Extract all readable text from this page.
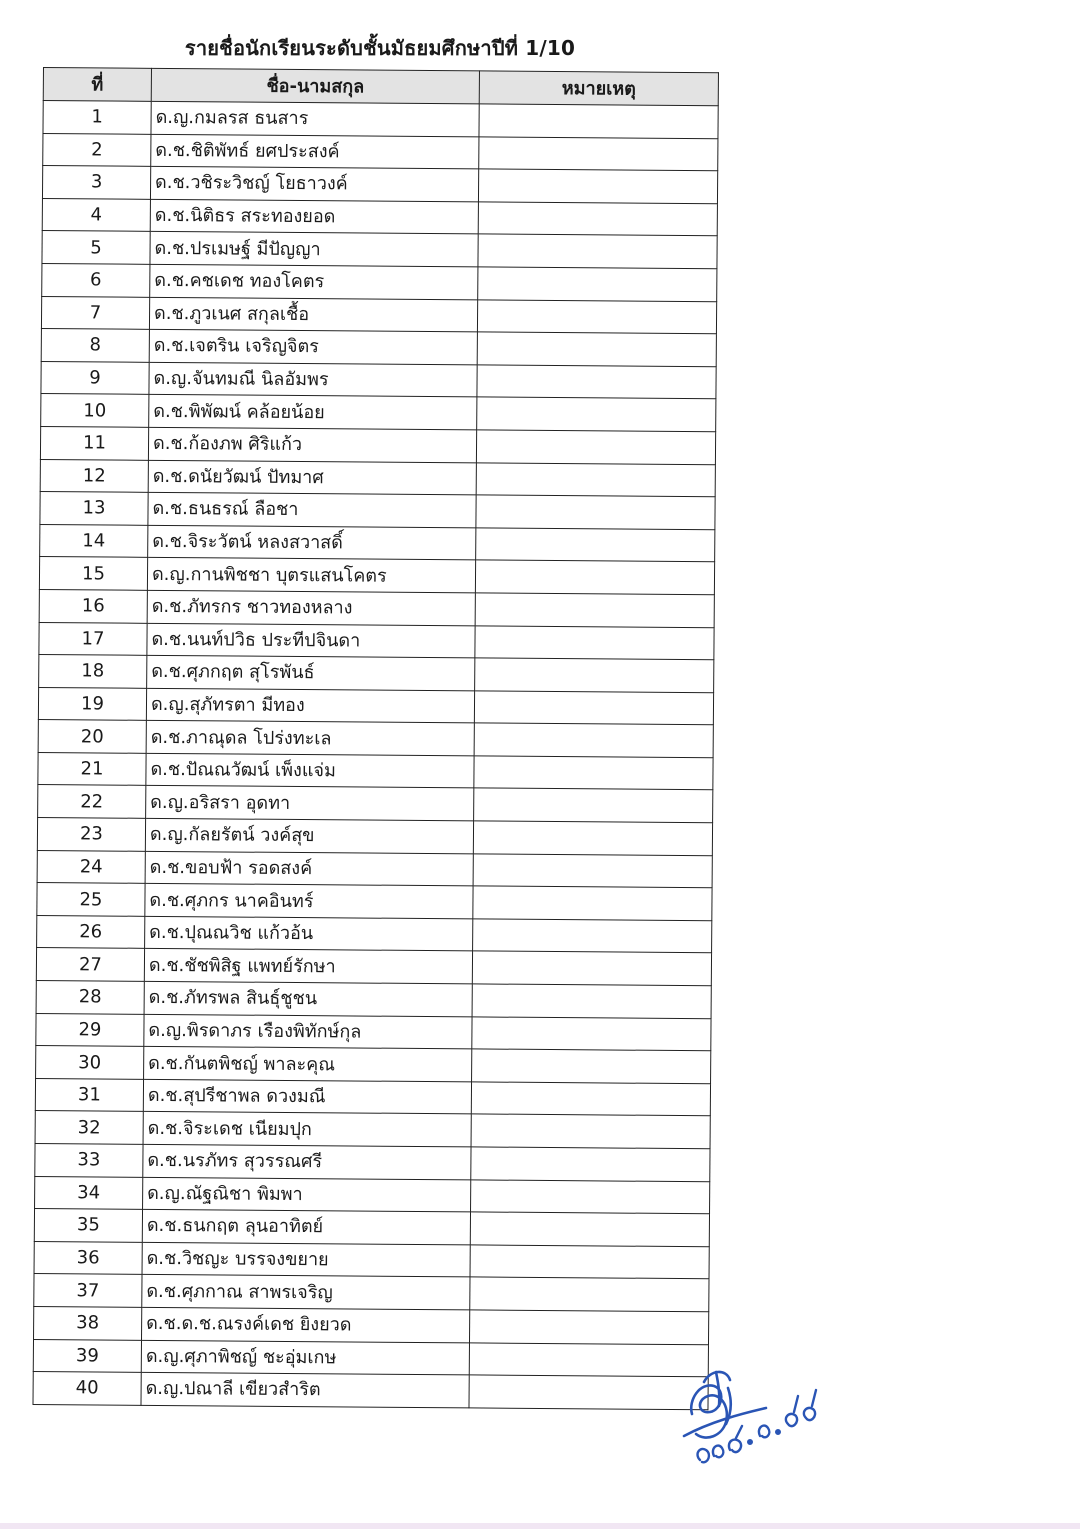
รายชื่อนักเรียนระดับชั้นมัธยมศึกษาปีที่ 1/10
ที่	ชื่อ-นามสกุล	หมายเหตุ
1	ด.ญ.กมลรส ธนสาร	
2	ด.ช.ชิติพัทธ์ ยศประสงค์	
3	ด.ช.วชิระวิชญ์ โยธาวงค์	
4	ด.ช.นิติธร สระทองยอด	
5	ด.ช.ปรเมษฐ์ มีปัญญา	
6	ด.ช.คชเดช ทองโคตร	
7	ด.ช.ภูวเนศ สกุลเชื้อ	
8	ด.ช.เจตริน เจริญจิตร	
9	ด.ญ.จันทมณี นิลอัมพร	
10	ด.ช.พิพัฒน์ คล้อยน้อย	
11	ด.ช.ก้องภพ ศิริแก้ว	
12	ด.ช.ดนัยวัฒน์ ปัทมาศ	
13	ด.ช.ธนธรณ์ ลือชา	
14	ด.ช.จิระวัตน์ หลงสวาสดิ์	
15	ด.ญ.กานพิชชา บุตรแสนโคตร	
16	ด.ช.ภัทรกร ชาวทองหลาง	
17	ด.ช.นนท์ปวิธ ประทีปจินดา	
18	ด.ช.ศุภกฤต สุโรพันธ์	
19	ด.ญ.สุภัทรตา มีทอง	
20	ด.ช.ภาณุดล โปร่งทะเล	
21	ด.ช.ปัณณวัฒน์ เพ็งแจ่ม	
22	ด.ญ.อริสรา อุดทา	
23	ด.ญ.กัลยรัตน์ วงค์สุข	
24	ด.ช.ขอบฟ้า รอดสงค์	
25	ด.ช.ศุภกร นาคอินทร์	
26	ด.ช.ปุณณวิช แก้วอ้น	
27	ด.ช.ชัชพิสิฐ แพทย์รักษา	
28	ด.ช.ภัทรพล สินธุ์ชูชน	
29	ด.ญ.พิรดาภร เรืองพิทักษ์กุล	
30	ด.ช.กันตพิชญ์ พาละคุณ	
31	ด.ช.สุปรีชาพล ดวงมณี	
32	ด.ช.จิระเดช เนียมปุก	
33	ด.ช.นรภัทร สุวรรณศรี	
34	ด.ญ.ณัฐณิชา พิมพา	
35	ด.ช.ธนกฤต ลุนอาทิตย์	
36	ด.ช.วิชญะ บรรจงขยาย	
37	ด.ช.ศุภกาณ สาพรเจริญ	
38	ด.ช.ด.ช.ณรงค์เดช ยิงยวด	
39	ด.ญ.ศุภาพิชญ์ ชะอุ่มเกษ	
40	ด.ญ.ปณาลี เขียวสำริต	
